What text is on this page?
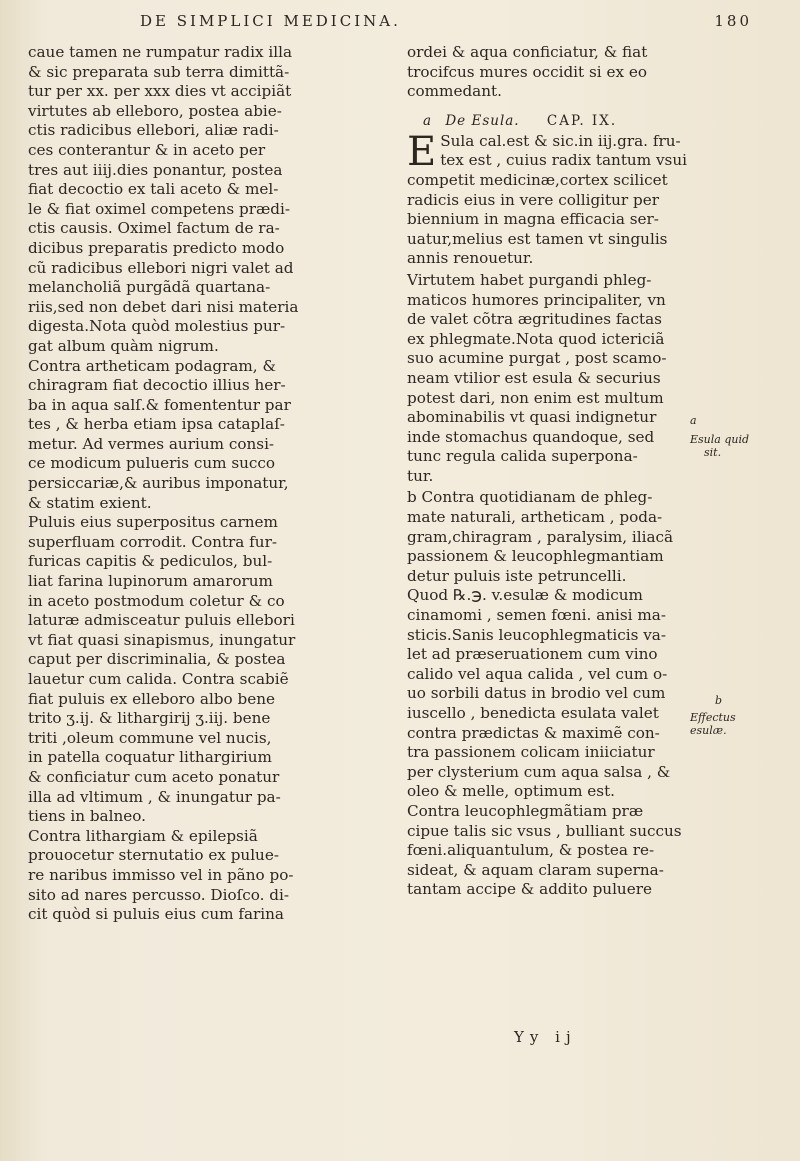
DE SIMPLICI MEDICINA.	180
caue tamen ne rumpatur radix illa
& sic preparata sub terra dimittã-
tur per xx. per xxx dies vt accipiãt
virtutes ab elleboro, postea abie-
ctis radicibus ellebori, aliæ radi-
ces conterantur & in aceto per
tres aut iiij.dies ponantur, postea
fiat decoctio ex tali aceto & mel-
le & fiat oximel competens prædi-
ctis causis. Oximel factum de ra-
dicibus preparatis predicto modo
cũ radicibus ellebori nigri valet ad
melancholiã purgãdã quartana-
riis,sed non debet dari nisi materia
digesta.Nota quòd molestius pur-
gat album quàm nigrum.
Contra artheticam podagram, &
chiragram fiat decoctio illius her-
ba in aqua salſ.& fomententur par
tes , & herba etiam ipsa cataplaſ-
metur. Ad vermes aurium consi-
ce modicum pulueris cum succo
persiccariæ,& auribus imponatur,
& statim exient.
Puluis eius superpositus carnem
superfluam corrodit. Contra fur-
furicas capitis & pediculos, bul-
liat farina lupinorum amarorum
in aceto postmodum coletur & co
laturæ admisceatur puluis ellebori
vt fiat quasi sinapismus, inungatur
caput per discriminalia, & postea
lauetur cum calida. Contra scabiẽ
fiat puluis ex elleboro albo bene
trito ʒ.ij. & lithargirij ʒ.iij. bene
triti ,oleum commune vel nucis,
in patella coquatur lithargirium
& conficiatur cum aceto ponatur
illa ad vltimum , & inungatur pa-
tiens in balneo.
Contra lithargiam & epilepsiã
prouocetur sternutatio ex pulue-
re naribus immisso vel in pãno po-
sito ad nares percusso. Dioſco. di-
cit quòd si puluis eius cum farina
ordei & aqua conficiatur, & fiat
trocifcus mures occidit si ex eo
commedant.
a De Esula. CAP. IX.
E Sula cal.est & sic.in iij.gra. fru-
tex est , cuius radix tantum vsui
competit medicinæ,cortex scilicet
radicis eius in vere colligitur per
biennium in magna efficacia ser-
uatur,melius est tamen vt singulis
annis renouetur.
Virtutem habet purgandi phleg-
maticos humores principaliter, vn
de valet cõtra ægritudines factas
ex phlegmate.Nota quod ictericiã
suo acumine purgat , post scamo-
neam vtilior est esula & securius
potest dari, non enim est multum
abominabilis vt quasi indignetur
inde stomachus quandoque, sed
tunc regula calida superpona-
tur.
b Contra quotidianam de phleg-
mate naturali, artheticam , poda-
gram,chiragram , paralysim, iliacã
passionem & leucophlegmantiam
detur puluis iste petruncelli.
Quod ℞.℈. v.esulæ & modicum
cinamomi , semen fœni. anisi ma-
sticis.Sanis leucophlegmaticis va-
let ad præseruationem cum vino
calido vel aqua calida , vel cum o-
uo sorbili datus in brodio vel cum
iuscello , benedicta esulata valet
contra prædictas & maximẽ con-
tra passionem colicam iniiciatur
per clysterium cum aqua salsa , &
oleo & melle, optimum est.
Contra leucophlegmãtiam præ
cipue talis sic vsus , bulliant succus
fœni.aliquantulum, & postea re-
sideat, & aquam claram superna-
tantam accipe & addito puluere
a
Esula quid
sit.
b
Effectus
esulæ.
Yy ij
